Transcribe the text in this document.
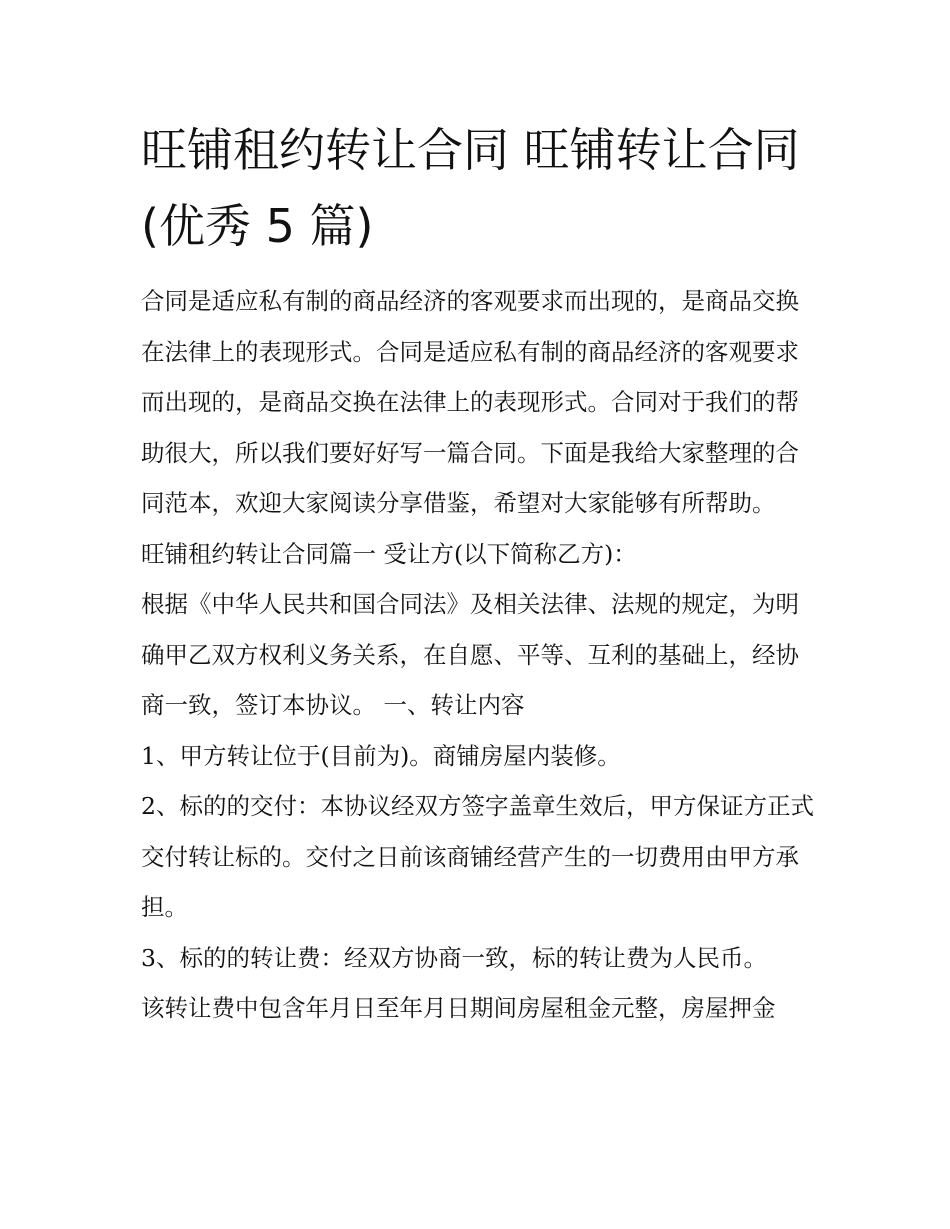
旺铺租约转让合同 旺铺转让合同(优秀 5 篇)

合同是适应私有制的商品经济的客观要求而出现的，是商品交换在法律上的表现形式。合同是适应私有制的商品经济的客观要求而出现的，是商品交换在法律上的表现形式。合同对于我们的帮助很大，所以我们要好好写一篇合同。下面是我给大家整理的合同范本，欢迎大家阅读分享借鉴，希望对大家能够有所帮助。

旺铺租约转让合同篇一 受让方(以下简称乙方)：

根据《中华人民共和国合同法》及相关法律、法规的规定，为明确甲乙双方权利义务关系，在自愿、平等、互利的基础上，经协商一致，签订本协议。 一、转让内容

1、甲方转让位于(目前为)。商铺房屋内装修。

2、标的的交付：本协议经双方签字盖章生效后，甲方保证方正式交付转让标的。交付之日前该商铺经营产生的一切费用由甲方承担。

3、标的的转让费：经双方协商一致，标的转让费为人民币。

该转让费中包含年月日至年月日期间房屋租金元整，房屋押金
